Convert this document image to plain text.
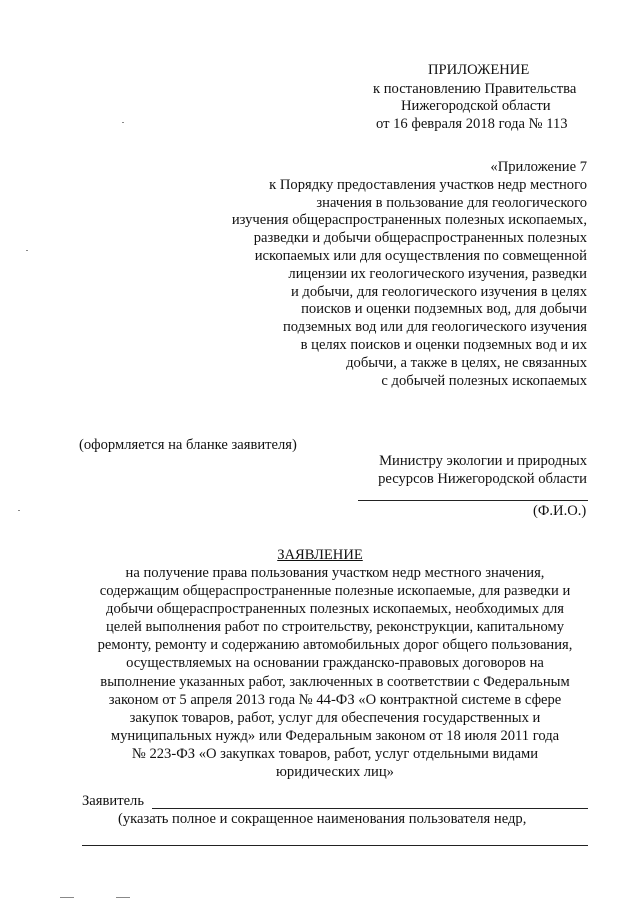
ПРИЛОЖЕНИЕ
к постановлению Правительства
Нижегородской области
от 16 февраля 2018 года № 113
«Приложение 7
к Порядку предоставления участков недр местного
значения в пользование для геологического
изучения общераспространенных полезных ископаемых,
разведки и добычи общераспространенных полезных
ископаемых или для осуществления по совмещенной
лицензии их геологического изучения, разведки
и добычи, для геологического изучения в целях
поисков и оценки подземных вод, для добычи
подземных вод или для геологического изучения
в целях поисков и оценки подземных вод и их
добычи, а также в целях, не связанных
с добычей полезных ископаемых
(оформляется на бланке заявителя)
Министру экологии и природных
ресурсов Нижегородской области
(Ф.И.О.)
ЗАЯВЛЕНИЕ
на получение права пользования участком недр местного значения,
содержащим общераспространенные полезные ископаемые, для разведки и
добычи общераспространенных полезных ископаемых, необходимых для
целей выполнения работ по строительству, реконструкции, капитальному
ремонту, ремонту и содержанию автомобильных дорог общего пользования,
осуществляемых на основании гражданско-правовых договоров на
выполнение указанных работ, заключенных в соответствии с Федеральным
законом от 5 апреля 2013 года № 44-ФЗ «О контрактной системе в сфере
закупок товаров, работ, услуг для обеспечения государственных и
муниципальных нужд» или Федеральным законом от 18 июля 2011 года
№ 223-ФЗ «О закупках товаров, работ, услуг отдельными видами
юридических лиц»
Заявитель
(указать полное и сокращенное наименования пользователя недр,
